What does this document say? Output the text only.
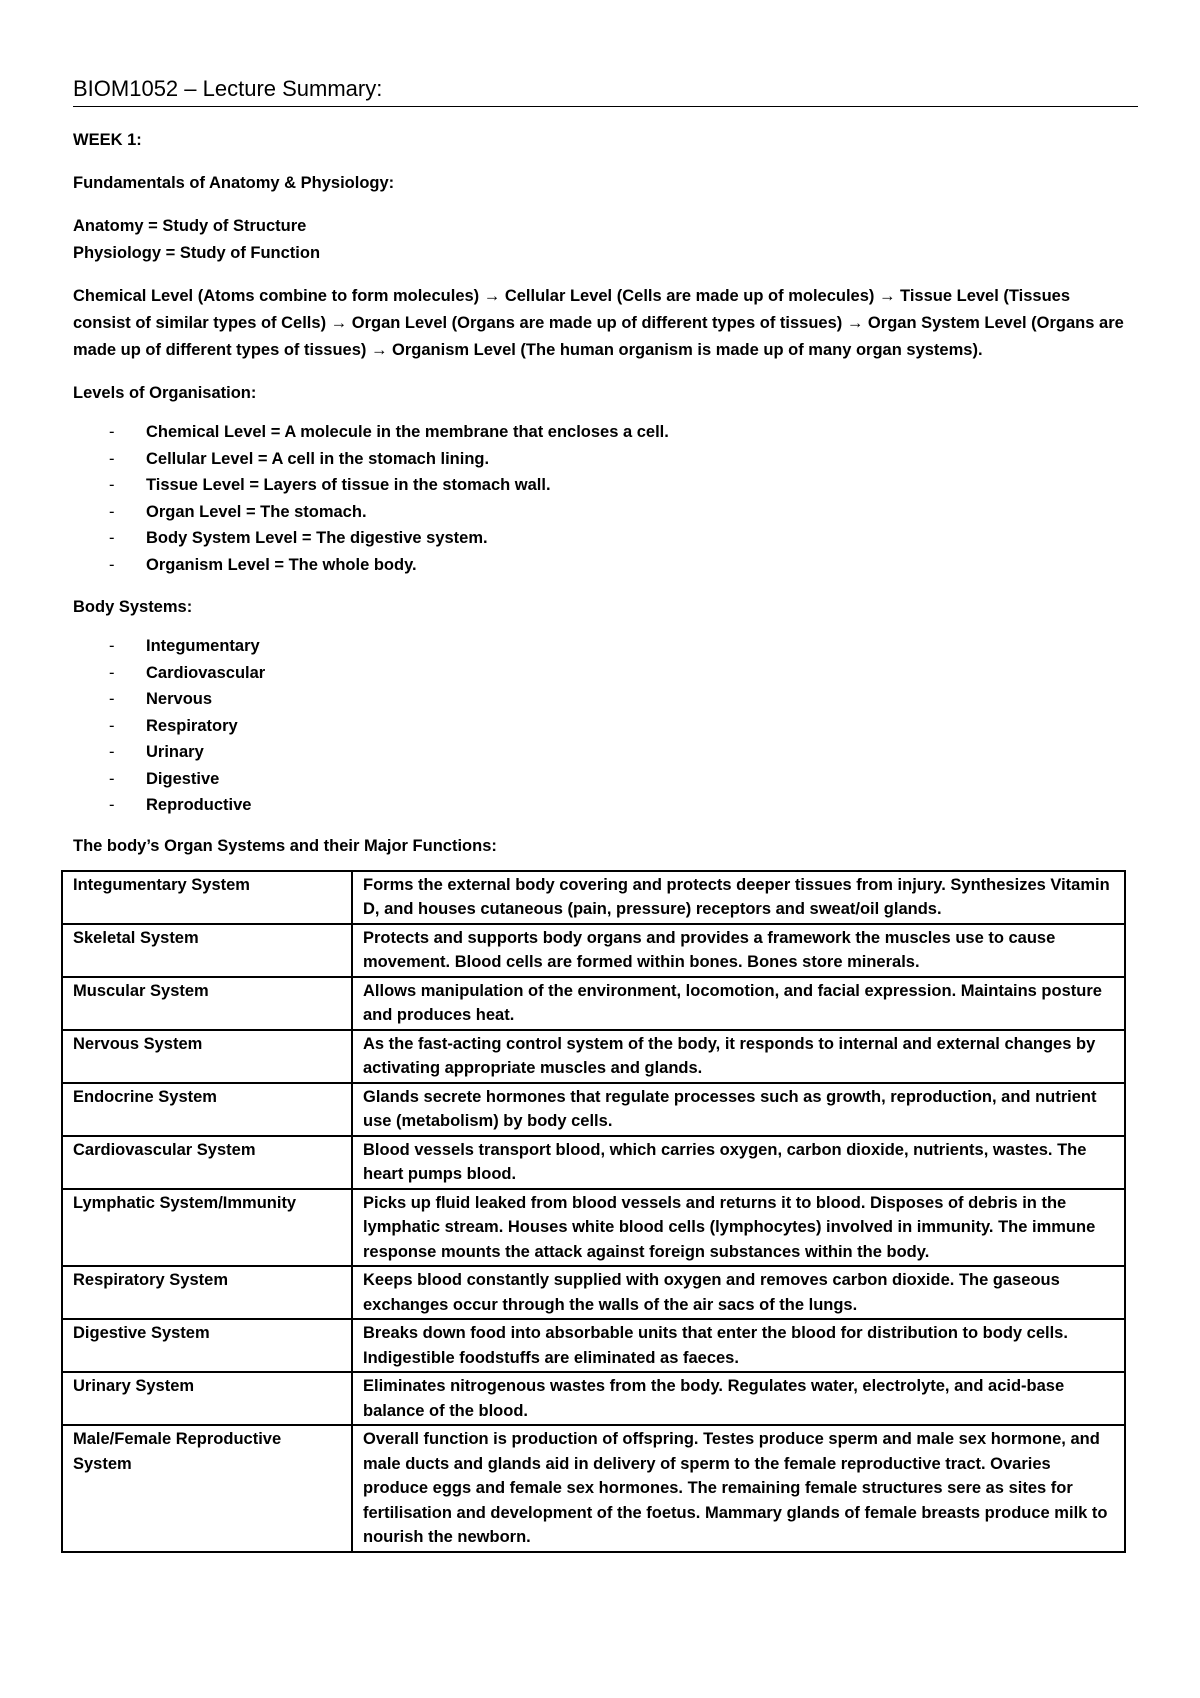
BIOM1052 – Lecture Summary:
WEEK 1:
Fundamentals of Anatomy & Physiology:
Anatomy = Study of Structure
Physiology = Study of Function
Chemical Level (Atoms combine to form molecules) → Cellular Level (Cells are made up of molecules) → Tissue Level (Tissues consist of similar types of Cells) → Organ Level (Organs are made up of different types of tissues) → Organ System Level (Organs are made up of different types of tissues) → Organism Level (The human organism is made up of many organ systems).
Levels of Organisation:
- Chemical Level = A molecule in the membrane that encloses a cell.
- Cellular Level = A cell in the stomach lining.
- Tissue Level = Layers of tissue in the stomach wall.
- Organ Level = The stomach.
- Body System Level = The digestive system.
- Organism Level = The whole body.
Body Systems:
- Integumentary
- Cardiovascular
- Nervous
- Respiratory
- Urinary
- Digestive
- Reproductive
The body’s Organ Systems and their Major Functions:
Integumentary System	Forms the external body covering and protects deeper tissues from injury. Synthesizes Vitamin D, and houses cutaneous (pain, pressure) receptors and sweat/oil glands.
Skeletal System	Protects and supports body organs and provides a framework the muscles use to cause movement. Blood cells are formed within bones. Bones store minerals.
Muscular System	Allows manipulation of the environment, locomotion, and facial expression. Maintains posture and produces heat.
Nervous System	As the fast-acting control system of the body, it responds to internal and external changes by activating appropriate muscles and glands.
Endocrine System	Glands secrete hormones that regulate processes such as growth, reproduction, and nutrient use (metabolism) by body cells.
Cardiovascular System	Blood vessels transport blood, which carries oxygen, carbon dioxide, nutrients, wastes. The heart pumps blood.
Lymphatic System/Immunity	Picks up fluid leaked from blood vessels and returns it to blood. Disposes of debris in the lymphatic stream. Houses white blood cells (lymphocytes) involved in immunity. The immune response mounts the attack against foreign substances within the body.
Respiratory System	Keeps blood constantly supplied with oxygen and removes carbon dioxide. The gaseous exchanges occur through the walls of the air sacs of the lungs.
Digestive System	Breaks down food into absorbable units that enter the blood for distribution to body cells. Indigestible foodstuffs are eliminated as faeces.
Urinary System	Eliminates nitrogenous wastes from the body. Regulates water, electrolyte, and acid-base balance of the blood.
Male/Female Reproductive System	Overall function is production of offspring. Testes produce sperm and male sex hormone, and male ducts and glands aid in delivery of sperm to the female reproductive tract. Ovaries produce eggs and female sex hormones. The remaining female structures sere as sites for fertilisation and development of the foetus. Mammary glands of female breasts produce milk to nourish the newborn.
